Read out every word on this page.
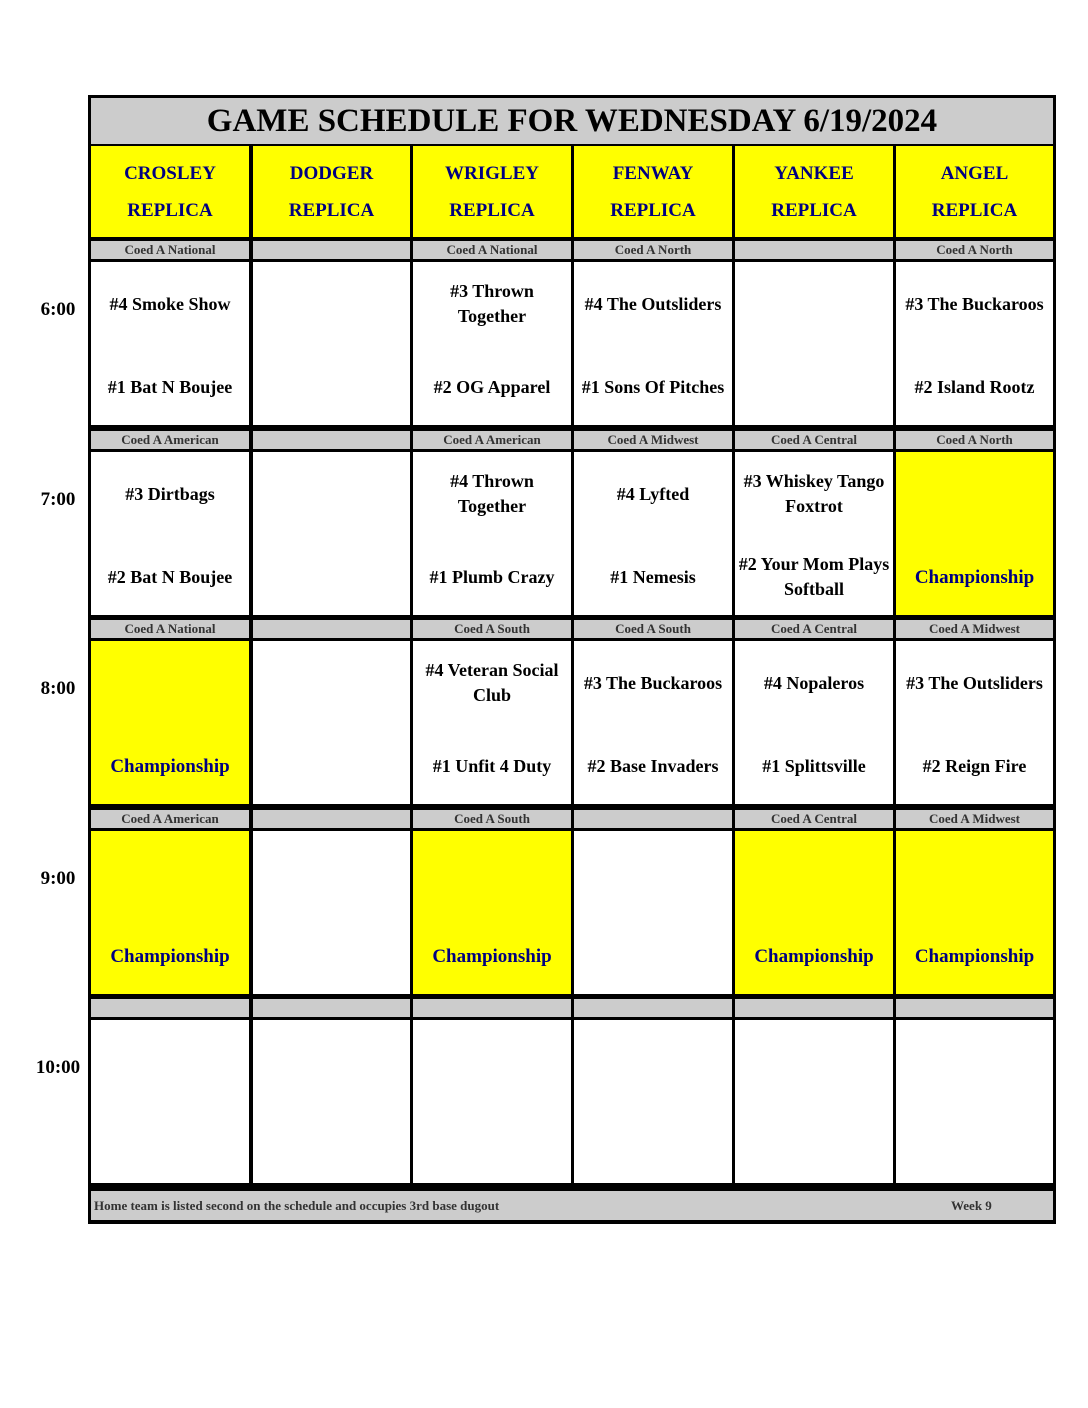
6:00
7:00
8:00
9:00
10:00
GAME SCHEDULE FOR WEDNESDAY 6/19/2024
Home team is listed second on the schedule and occupies 3rd base dugout	Week 9
CROSLEY
REPLICA
DODGER
REPLICA
WRIGLEY
REPLICA
FENWAY
REPLICA
YANKEE
REPLICA
ANGEL
REPLICA
Coed A National
#4 Smoke Show
#1 Bat N Boujee
Coed A National
#3 Thrown Together
#2 OG Apparel
Coed A North
#4 The Outsliders
#1 Sons Of Pitches
Coed A North
#3 The Buckaroos
#2 Island Rootz
Coed A American
#3 Dirtbags
#2 Bat N Boujee
Coed A American
#4 Thrown Together
#1 Plumb Crazy
Coed A Midwest
#4 Lyfted
#1 Nemesis
Coed A Central
#3 Whiskey Tango Foxtrot
#2 Your Mom Plays Softball
Coed A North
Championship
Coed A National
Championship
Coed A South
#4 Veteran Social Club
#1 Unfit 4 Duty
Coed A South
#3 The Buckaroos
#2 Base Invaders
Coed A Central
#4 Nopaleros
#1 Splittsville
Coed A Midwest
#3 The Outsliders
#2 Reign Fire
Coed A American
Championship
Coed A South
Championship
Coed A Central
Championship
Coed A Midwest
Championship
